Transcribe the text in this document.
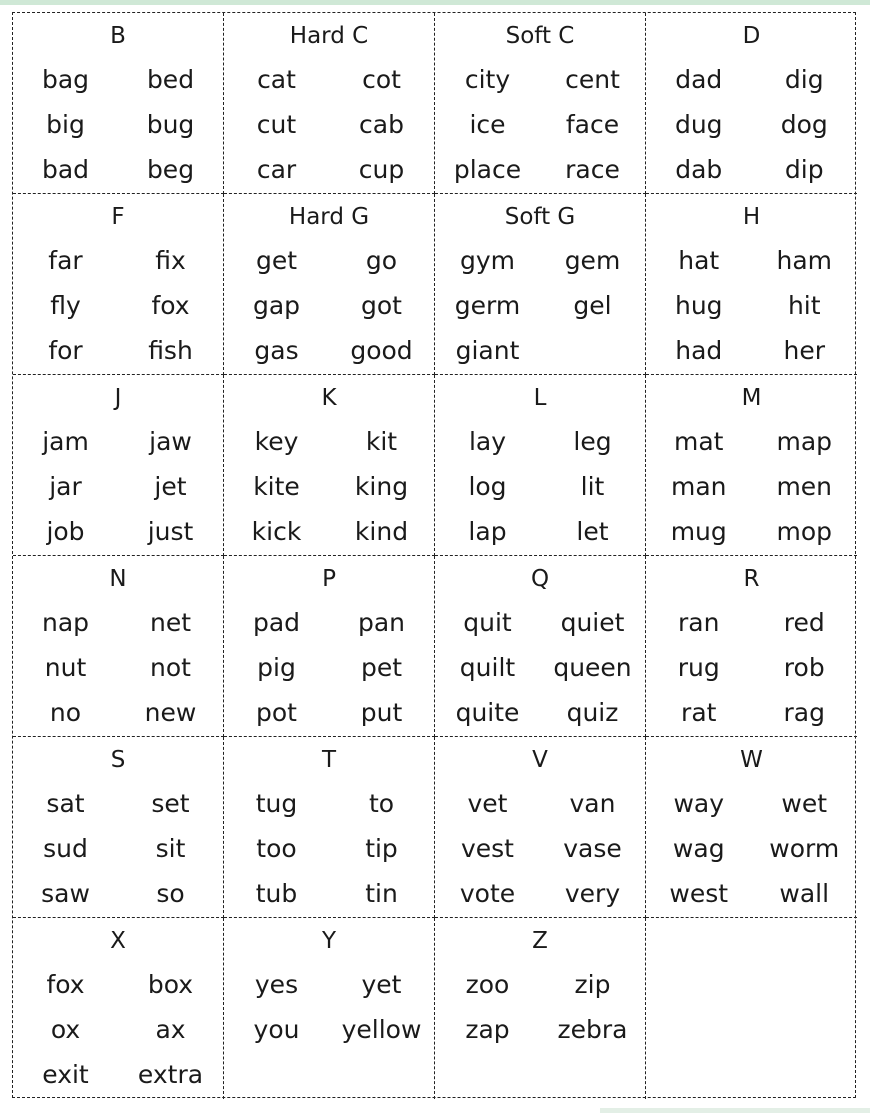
B
bag	bed
big	bug
bad	beg
Hard C
cat	cot
cut	cab
car	cup
Soft C
city	cent
ice	face
place	race
D
dad	dig
dug	dog
dab	dip
F
far	fix
fly	fox
for	fish
Hard G
get	go
gap	got
gas	good
Soft G
gym	gem
germ	gel
giant
H
hat	ham
hug	hit
had	her
J
jam	jaw
jar	jet
job	just
K
key	kit
kite	king
kick	kind
L
lay	leg
log	lit
lap	let
M
mat	map
man	men
mug	mop
N
nap	net
nut	not
no	new
P
pad	pan
pig	pet
pot	put
Q
quit	quiet
quilt	queen
quite	quiz
R
ran	red
rug	rob
rat	rag
S
sat	set
sud	sit
saw	so
T
tug	to
too	tip
tub	tin
V
vet	van
vest	vase
vote	very
W
way	wet
wag	worm
west	wall
X
fox	box
ox	ax
exit	extra
Y
yes	yet
you	yellow
Z
zoo	zip
zap	zebra
